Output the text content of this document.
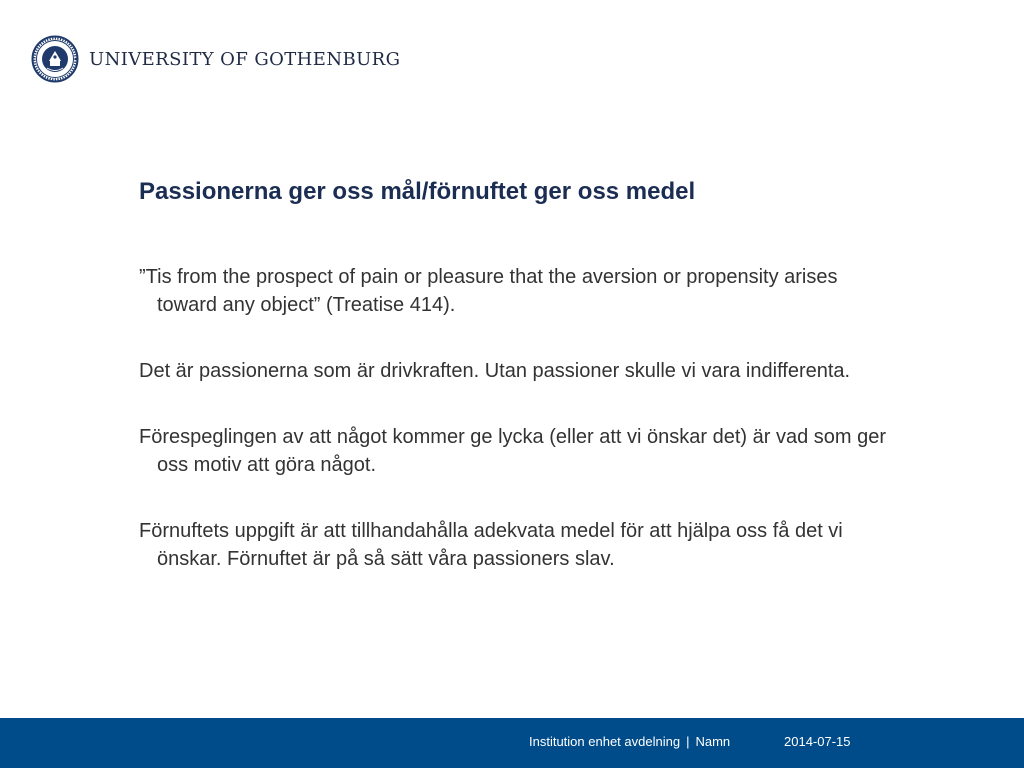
UNIVERSITY OF GOTHENBURG
Passionerna ger oss mål/förnuftet ger oss medel
”Tis from the prospect of pain or pleasure that the aversion or propensity arises toward any object” (Treatise 414).
Det är passionerna som är drivkraften. Utan passioner skulle vi vara indifferenta.
Förespeglingen av att något kommer ge lycka (eller att vi önskar det) är vad som ger oss motiv att göra något.
Förnuftets uppgift är att tillhandahålla adekvata medel för att hjälpa oss få det vi önskar. Förnuftet är på så sätt våra passioners slav.
Institution enhet avdelning | Namn	2014-07-15
